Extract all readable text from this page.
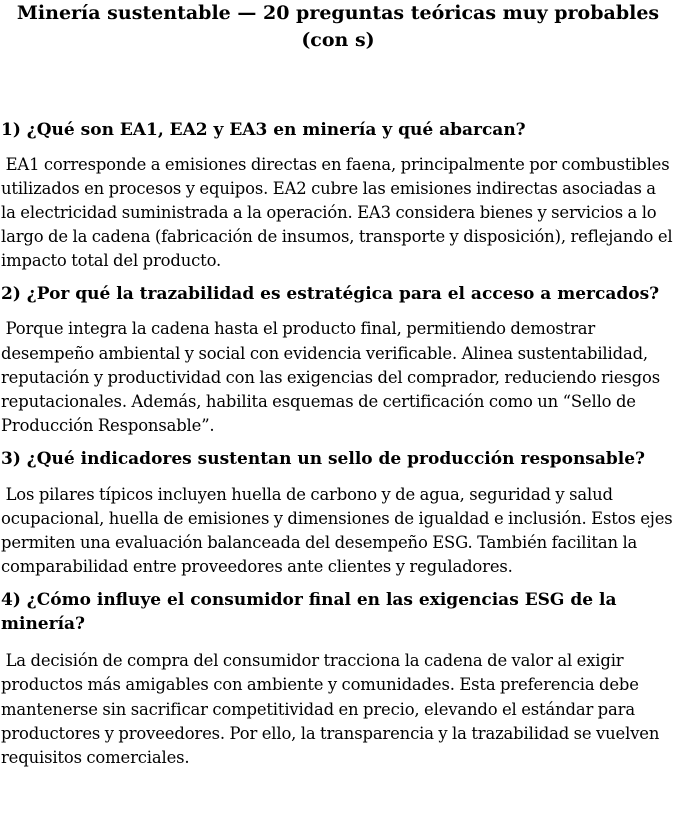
Minería sustentable — 20 preguntas teóricas muy probables (con s)
1) ¿Qué son EA1, EA2 y EA3 en minería y qué abarcan?

EA1 corresponde a emisiones directas en faena, principalmente por combustibles utilizados en procesos y equipos. EA2 cubre las emisiones indirectas asociadas a la electricidad suministrada a la operación. EA3 considera bienes y servicios a lo largo de la cadena (fabricación de insumos, transporte y disposición), reflejando el impacto total del producto.

2) ¿Por qué la trazabilidad es estratégica para el acceso a mercados?

Porque integra la cadena hasta el producto final, permitiendo demostrar desempeño ambiental y social con evidencia verificable. Alinea sustentabilidad, reputación y productividad con las exigencias del comprador, reduciendo riesgos reputacionales. Además, habilita esquemas de certificación como un “Sello de Producción Responsable”.

3) ¿Qué indicadores sustentan un sello de producción responsable?

Los pilares típicos incluyen huella de carbono y de agua, seguridad y salud ocupacional, huella de emisiones y dimensiones de igualdad e inclusión. Estos ejes permiten una evaluación balanceada del desempeño ESG. También facilitan la comparabilidad entre proveedores ante clientes y reguladores.

4) ¿Cómo influye el consumidor final en las exigencias ESG de la minería?

La decisión de compra del consumidor tracciona la cadena de valor al exigir productos más amigables con ambiente y comunidades. Esta preferencia debe mantenerse sin sacrificar competitividad en precio, elevando el estándar para productores y proveedores. Por ello, la transparencia y la trazabilidad se vuelven requisitos comerciales.
